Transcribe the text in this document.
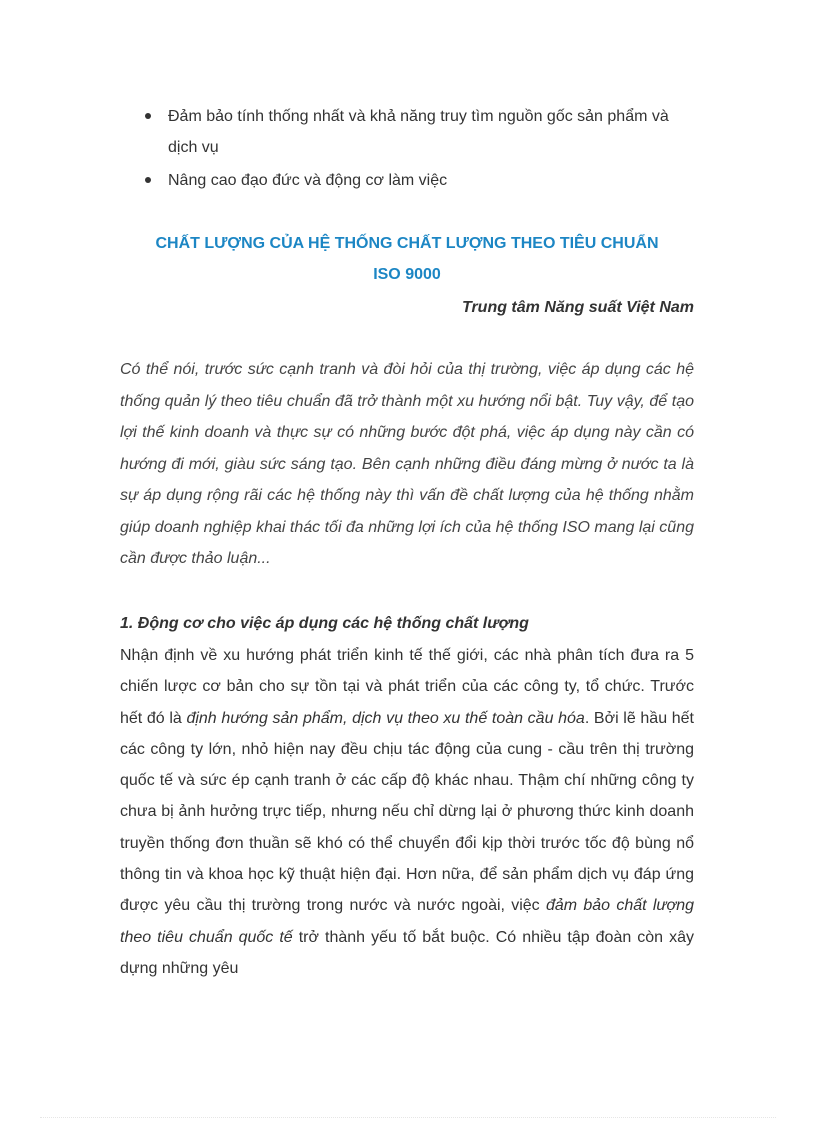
Đảm bảo tính thống nhất và khả năng truy tìm nguồn gốc sản phẩm và dịch vụ
Nâng cao đạo đức và động cơ làm việc
CHẤT LƯỢNG CỦA HỆ THỐNG CHẤT LƯỢNG THEO TIÊU CHUẨN
ISO 9000
Trung tâm Năng suất Việt Nam

Có thể nói, trước sức cạnh tranh và đòi hỏi của thị trường, việc áp dụng các hệ thống quản lý theo tiêu chuẩn đã trở thành một xu hướng nổi bật. Tuy vậy, để tạo lợi thế kinh doanh và thực sự có những bước đột phá, việc áp dụng này cần có hướng đi mới, giàu sức sáng tạo. Bên cạnh những điều đáng mừng ở nước ta là sự áp dụng rộng rãi các hệ thống này thì vấn đề chất lượng của hệ thống nhằm giúp doanh nghiệp khai thác tối đa những lợi ích của hệ thống ISO mang lại cũng cần được thảo luận...

1. Động cơ cho việc áp dụng các hệ thống chất lượng

Nhận định về xu hướng phát triển kinh tế thế giới, các nhà phân tích đưa ra 5 chiến lược cơ bản cho sự tồn tại và phát triển của các công ty, tổ chức. Trước hết đó là định hướng sản phẩm, dịch vụ theo xu thế toàn cầu hóa. Bởi lẽ hầu hết các công ty lớn, nhỏ hiện nay đều chịu tác động của cung - cầu trên thị trường quốc tế và sức ép cạnh tranh ở các cấp độ khác nhau. Thậm chí những công ty chưa bị ảnh hưởng trực tiếp, nhưng nếu chỉ dừng lại ở phương thức kinh doanh truyền thống đơn thuần sẽ khó có thể chuyển đổi kịp thời trước tốc độ bùng nổ thông tin và khoa học kỹ thuật hiện đại. Hơn nữa, để sản phẩm dịch vụ đáp ứng được yêu cầu thị trường trong nước và nước ngoài, việc đảm bảo chất lượng theo tiêu chuẩn quốc tế trở thành yếu tố bắt buộc. Có nhiều tập đoàn còn xây dựng những yêu
